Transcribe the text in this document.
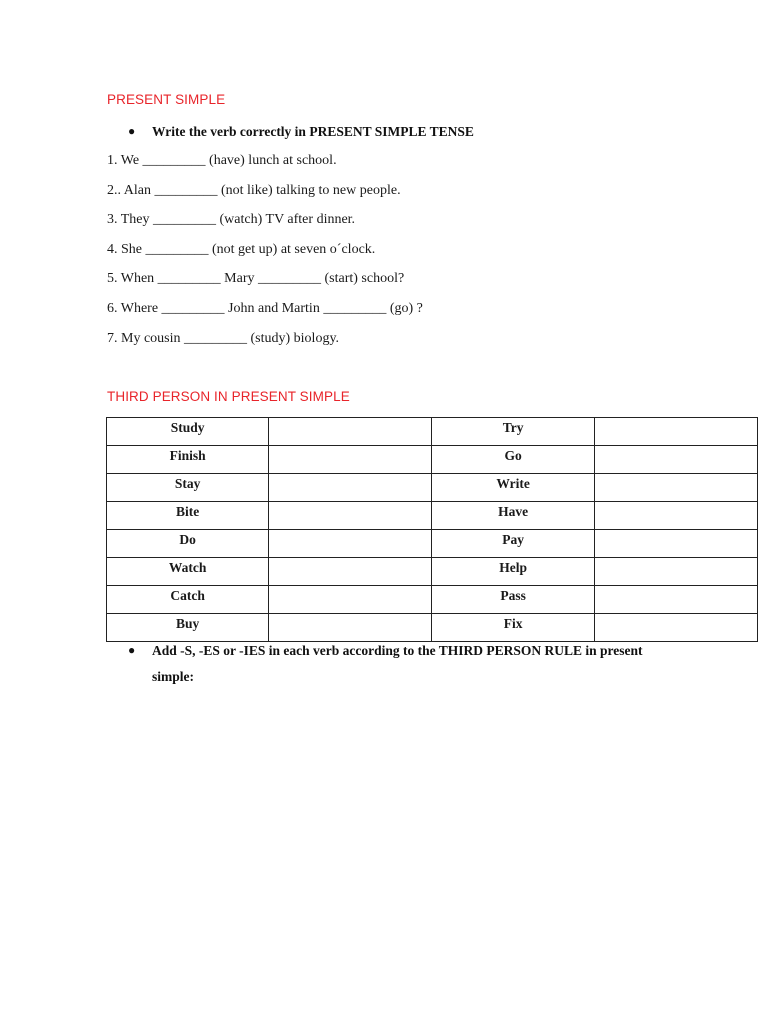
PRESENT SIMPLE
● Write the verb correctly in PRESENT SIMPLE TENSE
1. We _________ (have) lunch at school.
2.. Alan _________ (not like) talking to new people.
3. They _________ (watch) TV after dinner.
4. She _________ (not get up) at seven o´clock.
5. When _________ Mary _________ (start) school?
6. Where _________ John and Martin _________ (go) ?
7. My cousin _________ (study) biology.
THIRD PERSON IN PRESENT SIMPLE
Study		Try	
Finish		Go	
Stay		Write	
Bite		Have	
Do		Pay	
Watch		Help	
Catch		Pass	
Buy		Fix	
● Add -S, -ES or -IES in each verb according to the THIRD PERSON RULE in present simple:
